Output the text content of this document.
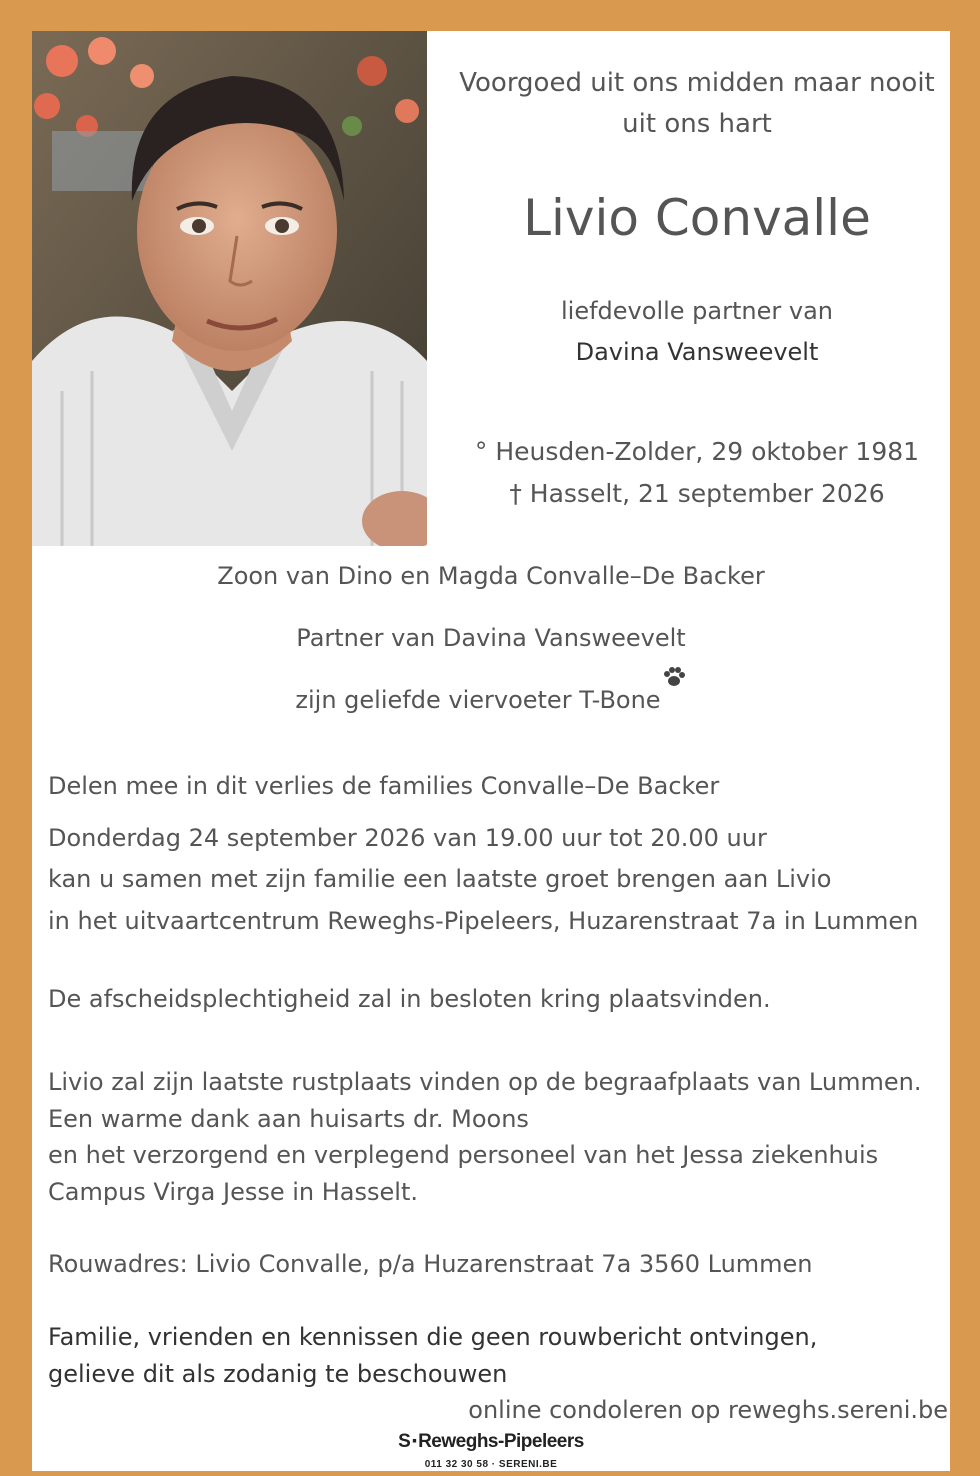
Voorgoed uit ons midden maar nooit

uit ons hart

Livio Convalle

liefdevolle partner van

Davina Vansweevelt

° Heusden-Zolder, 29 oktober 1981

† Hasselt, 21 september 2026

Zoon van Dino en Magda Convalle–De Backer

Partner van Davina Vansweevelt

zijn geliefde viervoeter T-Bone

Delen mee in dit verlies de families Convalle–De Backer

Donderdag 24 september 2026 van 19.00 uur tot 20.00 uur

kan u samen met zijn familie een laatste groet brengen aan Livio

in het uitvaartcentrum Reweghs-Pipeleers, Huzarenstraat 7a in Lummen

De afscheidsplechtigheid zal in besloten kring plaatsvinden.

Livio zal zijn laatste rustplaats vinden op de begraafplaats van Lummen.

Een warme dank aan huisarts dr. Moons

en het verzorgend en verplegend personeel van het Jessa ziekenhuis

Campus Virga Jesse in Hasselt.

Rouwadres: Livio Convalle, p/a Huzarenstraat 7a 3560 Lummen

Familie, vrienden en kennissen die geen rouwbericht ontvingen,

gelieve dit als zodanig te beschouwen

online condoleren op reweghs.sereni.be

S·Reweghs-Pipeleers

011 32 30 58 · SERENI.BE
